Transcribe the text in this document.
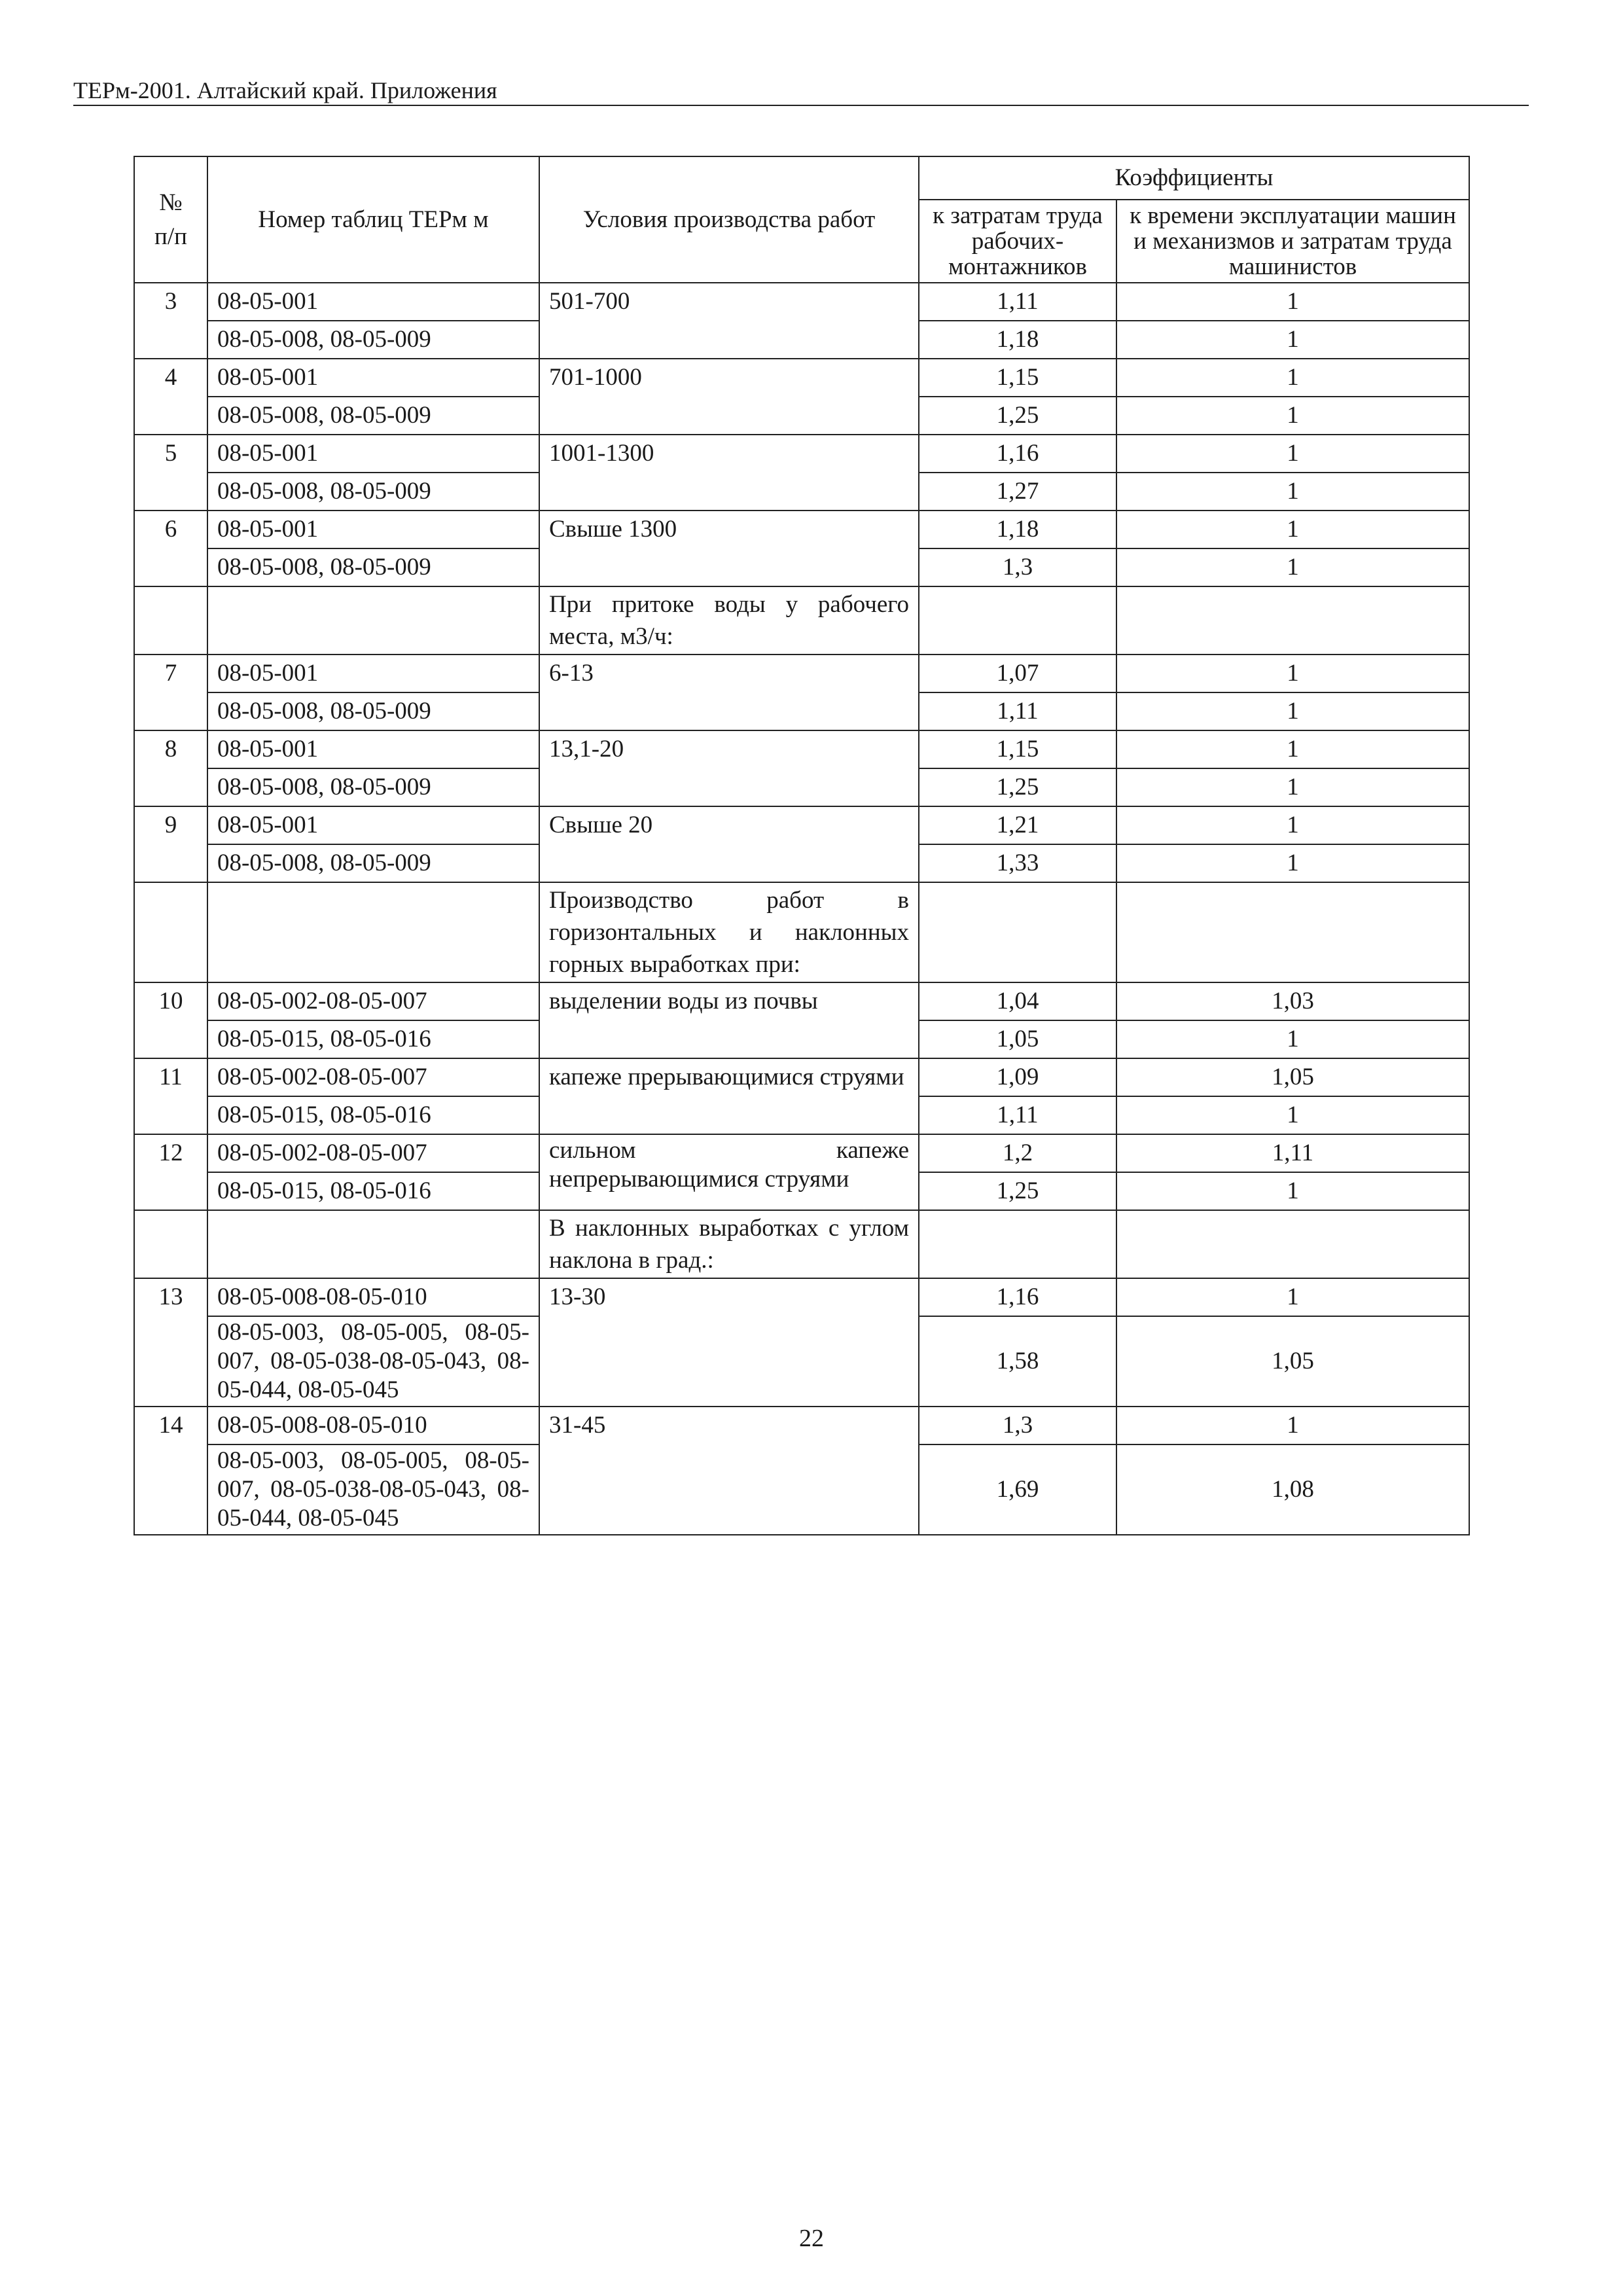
ТЕРм-2001. Алтайский край. Приложения
№
п/п	Номер таблиц ТЕРм м	Условия производства работ	Коэффициенты	
			к затратам труда рабочих-монтажников	к времени эксплуатации машин и механизмов и затратам труда машинистов
3	08-05-001	501-700	1,11	1
	08-05-008, 08-05-009		1,18	1
4	08-05-001	701-1000	1,15	1
	08-05-008, 08-05-009		1,25	1
5	08-05-001	1001-1300	1,16	1
	08-05-008, 08-05-009		1,27	1
6	08-05-001	Свыше 1300	1,18	1
	08-05-008, 08-05-009		1,3	1
		При притоке воды у рабочего места, м3/ч:		
7	08-05-001	6-13	1,07	1
	08-05-008, 08-05-009		1,11	1
8	08-05-001	13,1-20	1,15	1
	08-05-008, 08-05-009		1,25	1
9	08-05-001	Свыше 20	1,21	1
	08-05-008, 08-05-009		1,33	1
		Производство работ в горизонтальных и наклонных горных выработках при:		
10	08-05-002-08-05-007	выделении воды из почвы	1,04	1,03
	08-05-015, 08-05-016		1,05	1
11	08-05-002-08-05-007	капеже прерывающимися струями	1,09	1,05
	08-05-015, 08-05-016		1,11	1
12	08-05-002-08-05-007	сильном капеже непрерывающимися струями	1,2	1,11
	08-05-015, 08-05-016		1,25	1
		В наклонных выработках с углом наклона в град.:		
13	08-05-008-08-05-010	13-30	1,16	1

	08-05-003, 08-05-005, 08-05-007, 08-05-038-08-05-043, 08-05-044, 08-05-045		1,58	1,05
14	08-05-008-08-05-010	31-45	1,3	1

	08-05-003, 08-05-005, 08-05-007, 08-05-038-08-05-043, 08-05-044, 08-05-045		1,69	1,08
22
